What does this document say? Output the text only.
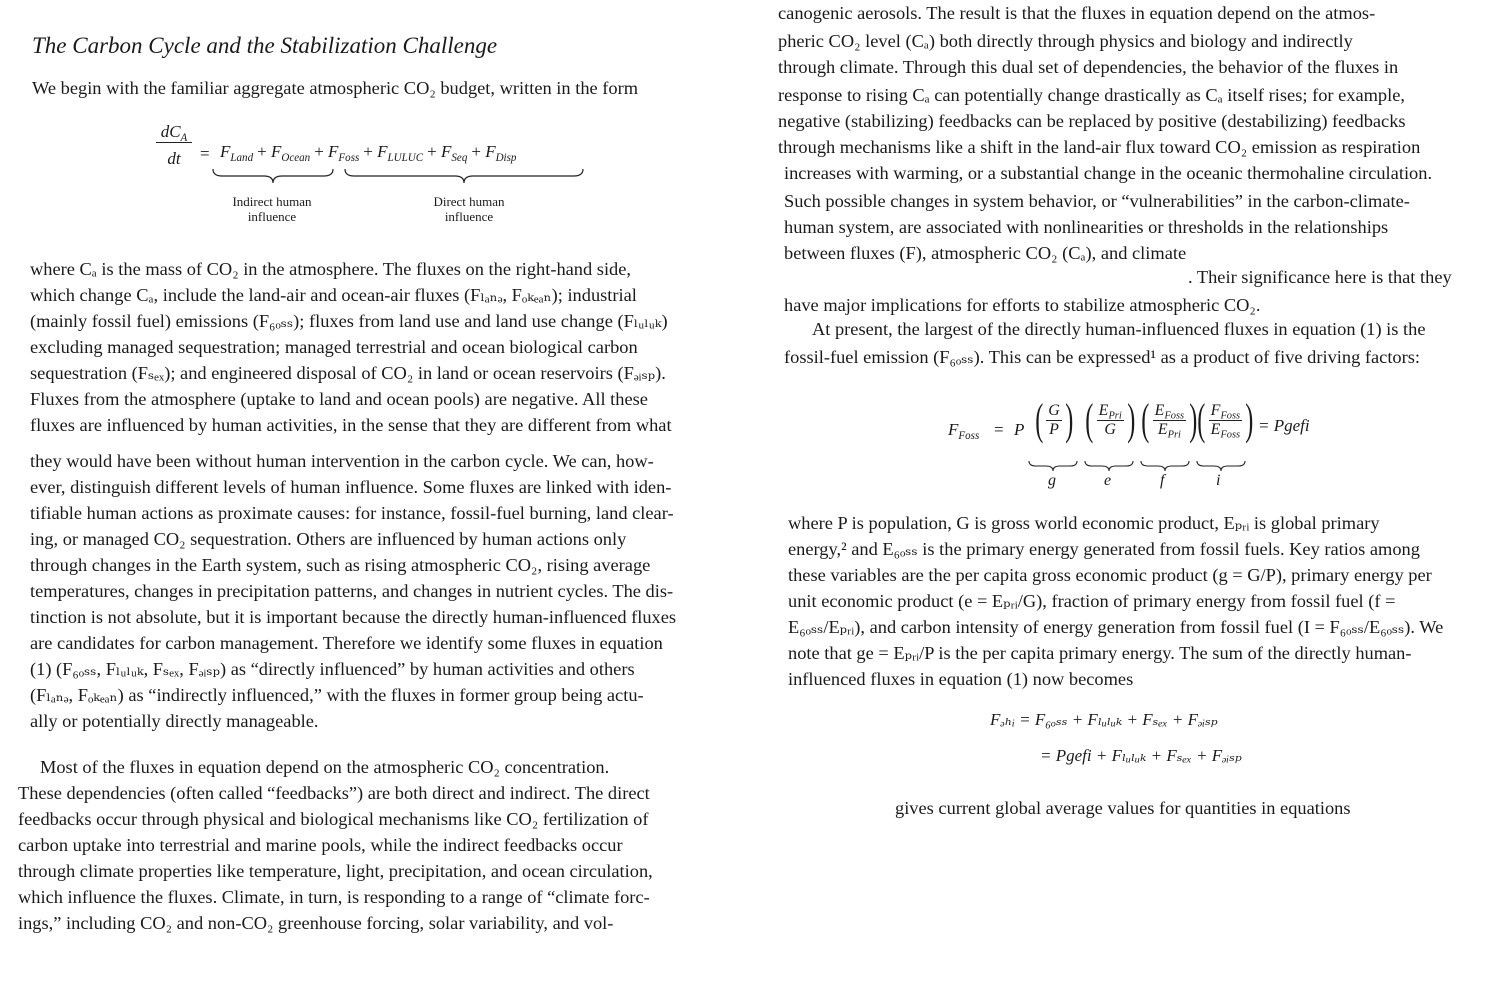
The Carbon Cycle and the Stabilization Challenge
We begin with the familiar aggregate atmospheric CO₂ budget, written in the form
$dC_A$
dt	= $F_{Land} + F_{Ocean} + F_{Foss} + F_{LULUC} + F_{Seq} + F_{Disp}$
Indirect human influence
Direct human influence
where Cₐ is the mass of CO₂ in the atmosphere. The fluxes on the right-hand side,
which change Cₐ, include the land-air and ocean-air fluxes (Fₗₐₙₔ, Fₒₖₑₐₙ); industrial
(mainly fossil fuel) emissions (F₆ₒₛₛ); fluxes from land use and land use change (Fₗᵤₗᵤₖ)
excluding managed sequestration; managed terrestrial and ocean biological carbon
sequestration (Fₛₑₓ); and engineered disposal of CO₂ in land or ocean reservoirs (Fₔᵢₛₚ).
Fluxes from the atmosphere (uptake to land and ocean pools) are negative. All these
fluxes are influenced by human activities, in the sense that they are different from what
they would have been without human intervention in the carbon cycle. We can, how-
ever, distinguish different levels of human influence. Some fluxes are linked with iden-
tifiable human actions as proximate causes: for instance, fossil-fuel burning, land clear-
ing, or managed CO₂ sequestration. Others are influenced by human actions only
through changes in the Earth system, such as rising atmospheric CO₂, rising average
temperatures, changes in precipitation patterns, and changes in nutrient cycles. The dis-
tinction is not absolute, but it is important because the directly human-influenced fluxes
are candidates for carbon management. Therefore we identify some fluxes in equation
(1) (F₆ₒₛₛ, Fₗᵤₗᵤₖ, Fₛₑₓ, Fₔᵢₛₚ) as “directly influenced” by human activities and others
(Fₗₐₙₔ, Fₒₖₑₐₙ) as “indirectly influenced,” with the fluxes in former group being actu-
ally or potentially directly manageable.
Most of the fluxes in equation depend on the atmospheric CO₂ concentration.
These dependencies (often called “feedbacks”) are both direct and indirect. The direct
feedbacks occur through physical and biological mechanisms like CO₂ fertilization of
carbon uptake into terrestrial and marine pools, while the indirect feedbacks occur
through climate properties like temperature, light, precipitation, and ocean circulation,
which influence the fluxes. Climate, in turn, is responding to a range of “climate forc-
ings,” including CO₂ and non-CO₂ greenhouse forcing, solar variability, and vol-
canogenic aerosols. The result is that the fluxes in equation depend on the atmos-
pheric CO₂ level (Cₐ) both directly through physics and biology and indirectly
through climate. Through this dual set of dependencies, the behavior of the fluxes in
response to rising Cₐ can potentially change drastically as Cₐ itself rises; for example,
negative (stabilizing) feedbacks can be replaced by positive (destabilizing) feedbacks
through mechanisms like a shift in the land-air flux toward CO₂ emission as respiration
increases with warming, or a substantial change in the oceanic thermohaline circulation.
Such possible changes in system behavior, or “vulnerabilities” in the carbon-climate-
human system, are associated with nonlinearities or thresholds in the relationships
between fluxes (F), atmospheric CO₂ (Cₐ), and climate
. Their significance here is that they
have major implications for efforts to stabilize atmospheric CO₂.
At present, the largest of the directly human-influenced fluxes in equation (1) is the
fossil-fuel emission (F₆ₒₛₛ). This can be expressed¹ as a product of five driving factors:
$F_{Foss} = P$ ( $\frac{G}{P}$ ) ( $\frac{E_{Pri}}{G}$ ) ( $\frac{E_{Foss}}{E_{Pri}}$ )( $\frac{F_{Foss}}{E_{Foss}}$ ) = Pgefi
g	e	f	i
where P is population, G is gross world economic product, Eₚᵣᵢ is global primary
energy,² and E₆ₒₛₛ is the primary energy generated from fossil fuels. Key ratios among
these variables are the per capita gross economic product (g = G/P), primary energy per
unit economic product (e = Eₚᵣᵢ/G), fraction of primary energy from fossil fuel (f =
E₆ₒₛₛ/Eₚᵣᵢ), and carbon intensity of energy generation from fossil fuel (I = F₆ₒₛₛ/E₆ₒₛₛ). We
note that ge = Eₚᵣᵢ/P is the per capita primary energy. The sum of the directly human-
influenced fluxes in equation (1) now becomes
Fₔₕᵢ = F₆ₒₛₛ + Fₗᵤₗᵤₖ + Fₛₑₓ + Fₔᵢₛₚ
= Pgefi + Fₗᵤₗᵤₖ + Fₛₑₓ + Fₔᵢₛₚ
gives current global average values for quantities in equations
